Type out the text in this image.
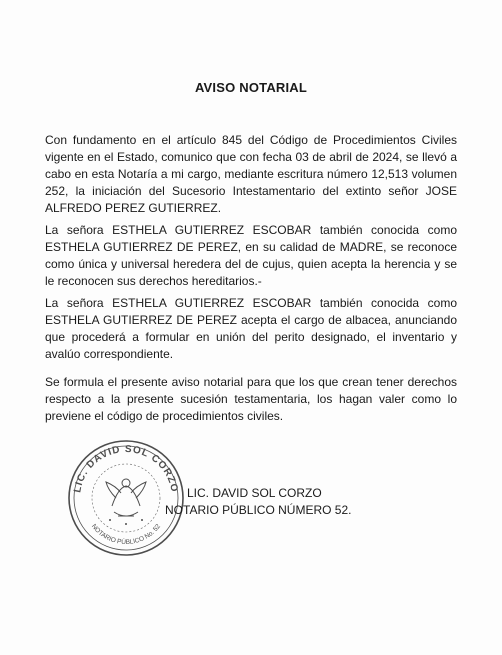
AVISO NOTARIAL

Con fundamento en el artículo 845 del Código de Procedimientos Civiles vigente en el Estado, comunico que con fecha 03 de abril de 2024, se llevó a cabo en esta Notaría a mi cargo, mediante escritura número 12,513 volumen 252, la iniciación del Sucesorio Intestamentario del extinto señor JOSE ALFREDO PEREZ GUTIERREZ.

La señora ESTHELA GUTIERREZ ESCOBAR también conocida como ESTHELA GUTIERREZ DE PEREZ, en su calidad de MADRE, se reconoce como única y universal heredera del de cujus, quien acepta la herencia y se le reconocen sus derechos hereditarios.-

La señora ESTHELA GUTIERREZ ESCOBAR también conocida como ESTHELA GUTIERREZ DE PEREZ acepta el cargo de albacea, anunciando que procederá a formular en unión del perito designado, el inventario y avalúo correspondiente.

Se formula el presente aviso notarial para que los que crean tener derechos respecto a la presente sucesión testamentaria, los hagan valer como lo previene el código de procedimientos civiles.

LIC. DAVID SOL CORZO
NOTARIO PÚBLICO No. 52
LIC. DAVID SOL CORZO
NOTARIO PÚBLICO NÚMERO 52.
